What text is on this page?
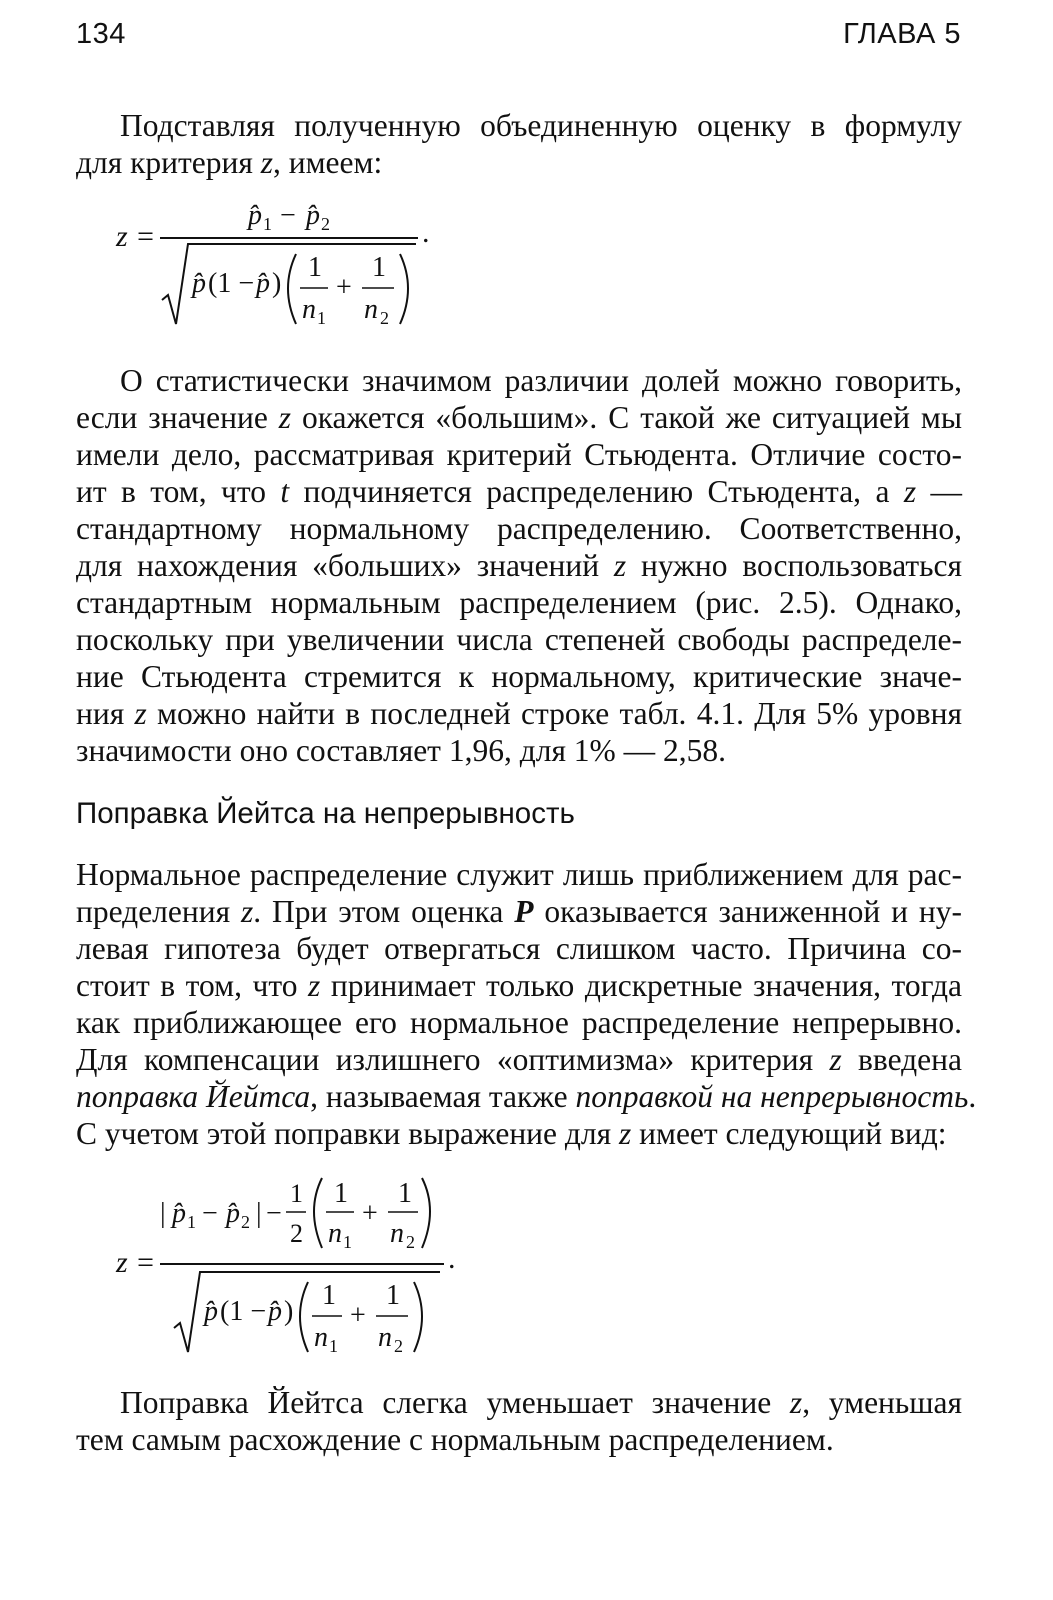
134	ГЛАВА 5

Подставляя полученную объединенную оценку в формулу
для критерия z, имеем:

z =
p̂ 1 − p̂ 2
p̂ (1 − p̂ )
1
n 1
+
1
n 2
.

О статистически значимом различии долей можно говорить,
если значение z окажется «большим». С такой же ситуацией мы
имели дело, рассматривая критерий Стьюдента. Отличие состо-
ит в том, что t подчиняется распределению Стьюдента, а z —
стандартному нормальному распределению. Соответственно,
для нахождения «больших» значений z нужно воспользоваться
стандартным нормальным распределением (рис. 2.5). Однако,
поскольку при увеличении числа степеней свободы распределе-
ние Стьюдента стремится к нормальному, критические значе-
ния z можно найти в последней строке табл. 4.1. Для 5% уровня
значимости оно составляет 1,96, для 1% — 2,58.

Поправка Йейтса на непрерывность

Нормальное распределение служит лишь приближением для рас-
пределения z. При этом оценка P оказывается заниженной и ну-
левая гипотеза будет отвергаться слишком часто. Причина со-
стоит в том, что z принимает только дискретные значения, тогда
как приближающее его нормальное распределение непрерывно.
Для компенсации излишнего «оптимизма» критерия z введена
поправка Йейтса, называемая также поправкой на непрерывность.
С учетом этой поправки выражение для z имеет следующий вид:

z =
| p̂ 1 − p̂ 2 | −
1
2
1
n 1
+
1
n 2
p̂ (1 − p̂ )
1
n 1
+
1
n 2
.

Поправка Йейтса слегка уменьшает значение z, уменьшая
тем самым расхождение с нормальным распределением.
